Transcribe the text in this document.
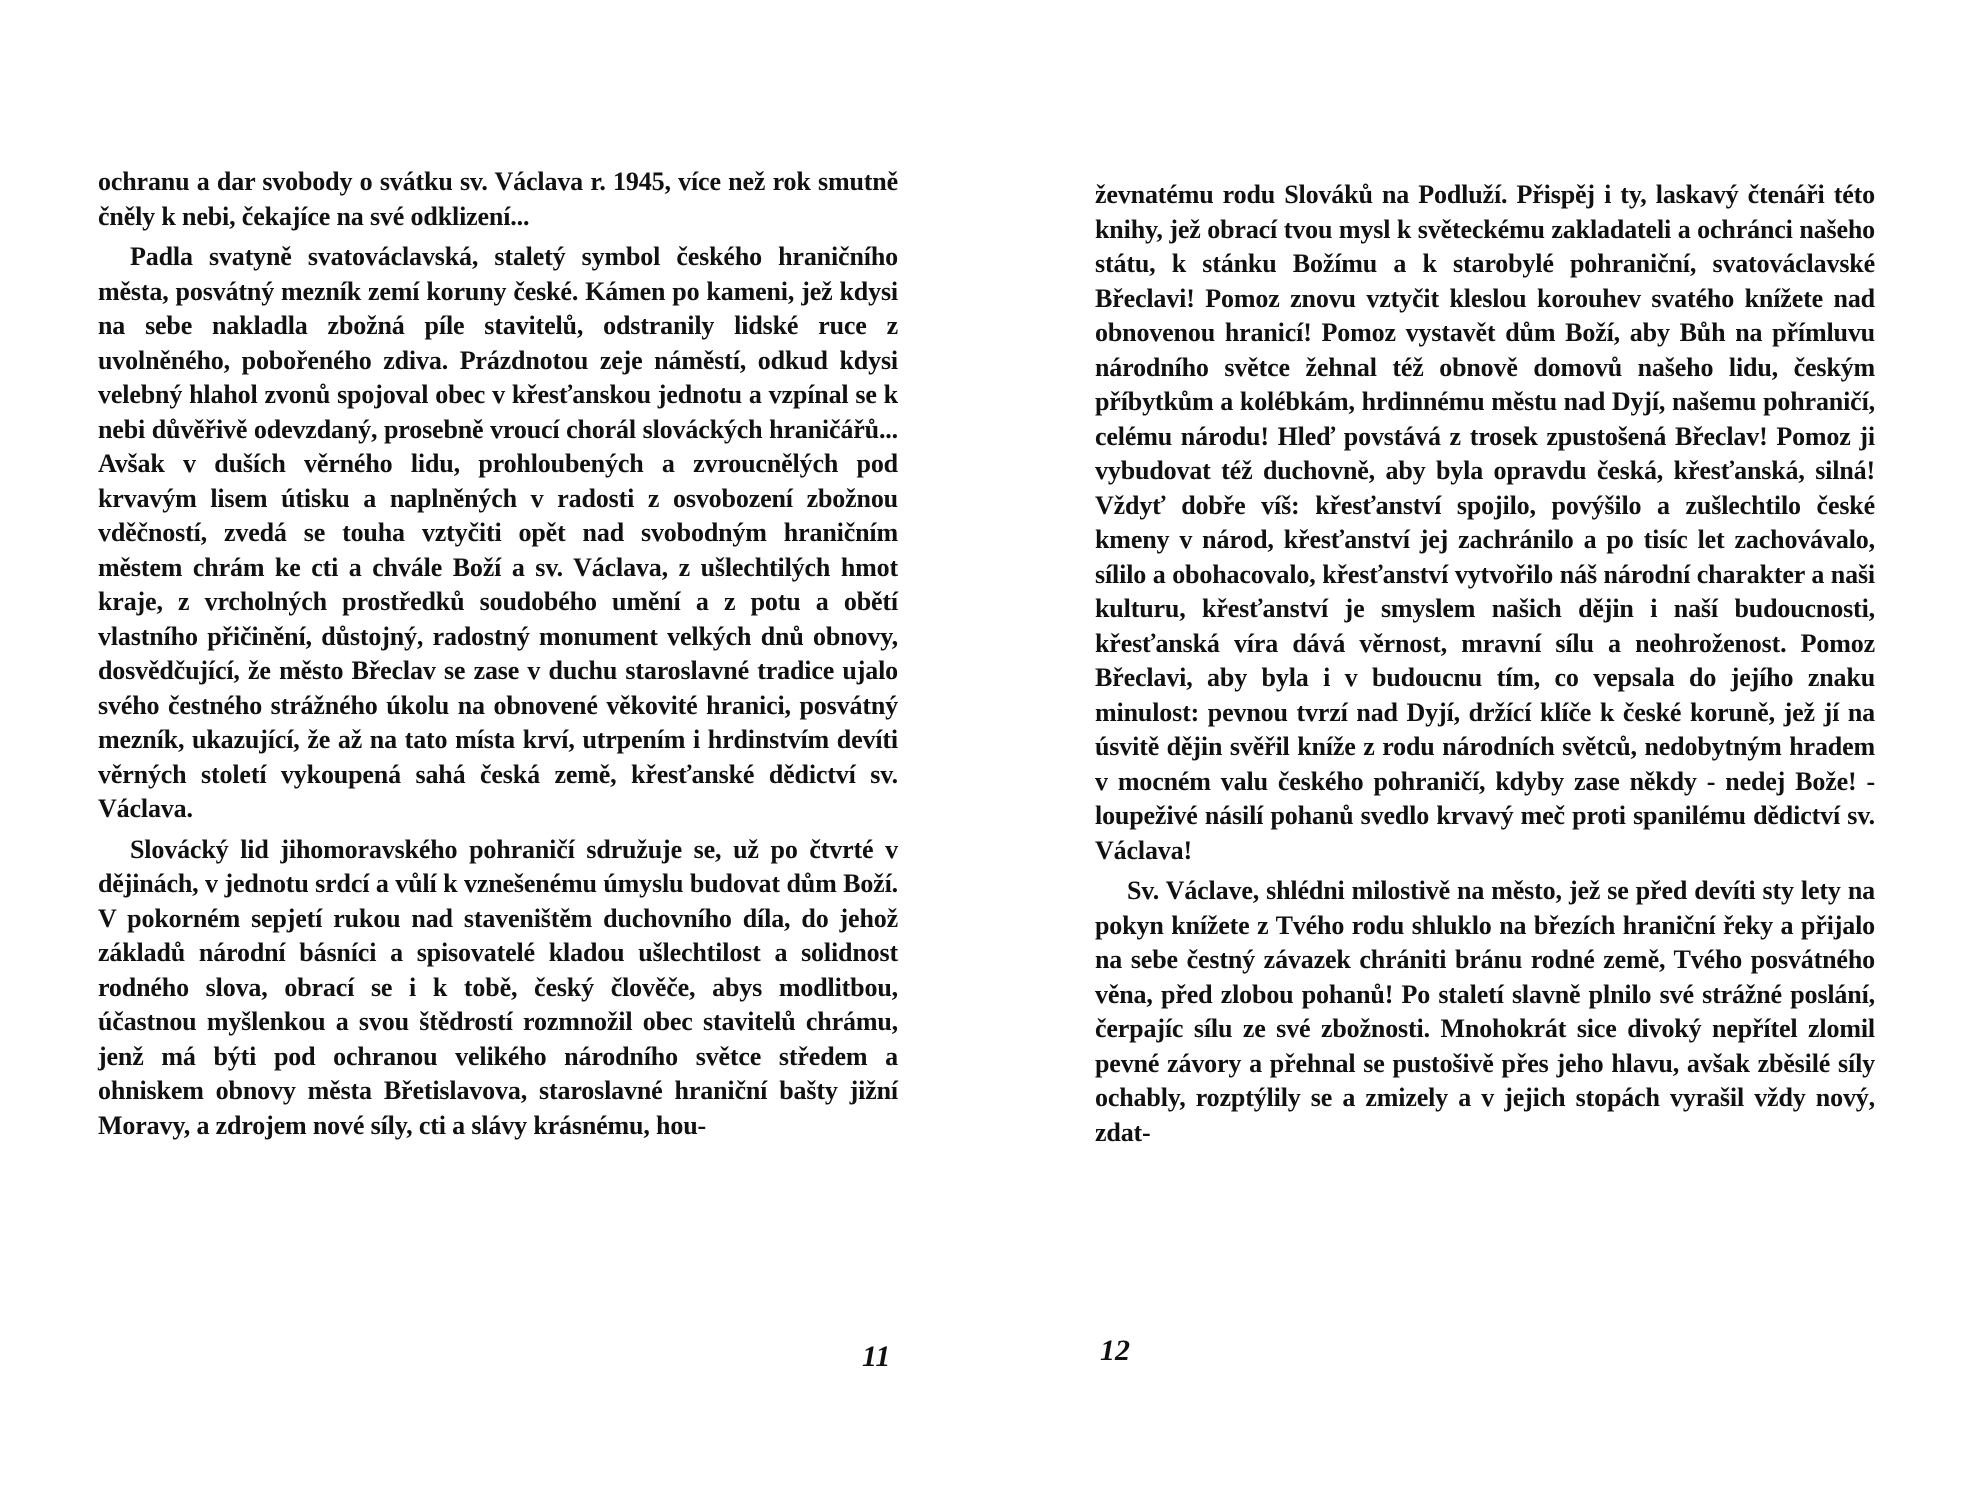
ochranu a dar svobody o svátku sv. Václava r. 1945, více než rok smutně čněly k nebi, čekajíce na své odklizení...

Padla svatyně svatováclavská, staletý symbol českého hraničního města, posvátný mezník zemí koruny české. Kámen po kameni, jež kdysi na sebe nakladla zbožná píle stavitelů, odstranily lidské ruce z uvolněného, pobořeného zdiva. Prázdnotou zeje náměstí, odkud kdysi velebný hlahol zvonů spojoval obec v křesťanskou jednotu a vzpínal se k nebi důvěřivě odevzdaný, prosebně vroucí chorál slováckých hraničářů... Avšak v duších věrného lidu, prohloubených a zvroucnělých pod krvavým lisem útisku a naplněných v radosti z osvobození zbožnou vděčností, zvedá se touha vztyčiti opět nad svobodným hraničním městem chrám ke cti a chvále Boží a sv. Václava, z ušlechtilých hmot kraje, z vrcholných prostředků soudobého umění a z potu a obětí vlastního přičinění, důstojný, radostný monument velkých dnů obnovy, dosvědčující, že město Břeclav se zase v duchu staroslavné tradice ujalo svého čestného strážného úkolu na obnovené věkovité hranici, posvátný mezník, ukazující, že až na tato místa krví, utrpením i hrdinstvím devíti věrných století vykoupená sahá česká země, křesťanské dědictví sv. Václava.

Slovácký lid jihomoravského pohraničí sdružuje se, už po čtvrté v dějinách, v jednotu srdcí a vůlí k vznešenému úmyslu budovat dům Boží. V pokorném sepjetí rukou nad staveništěm duchovního díla, do jehož základů národní básníci a spisovatelé kladou ušlechtilost a solidnost rodného slova, obrací se i k tobě, český člověče, abys modlitbou, účastnou myšlenkou a svou štědrostí rozmnožil obec stavitelů chrámu, jenž má býti pod ochranou velikého národního světce středem a ohniskem obnovy města Břetislavova, staroslavné hraniční bašty jižní Moravy, a zdrojem nové síly, cti a slávy krásnému, hou-

11

ževnatému rodu Slováků na Podluží. Přispěj i ty, laskavý čtenáři této knihy, jež obrací tvou mysl k světeckému zakladateli a ochránci našeho státu, k stánku Božímu a k starobylé pohraniční, svatováclavské Břeclavi! Pomoz znovu vztyčit kleslou korouhev svatého knížete nad obnovenou hranicí! Pomoz vystavět dům Boží, aby Bůh na přímluvu národního světce žehnal též obnově domovů našeho lidu, českým příbytkům a kolébkám, hrdinnému městu nad Dyjí, našemu pohraničí, celému národu! Hleď povstává z trosek zpustošená Břeclav! Pomoz ji vybudovat též duchovně, aby byla opravdu česká, křesťanská, silná! Vždyť dobře víš: křesťanství spojilo, povýšilo a zušlechtilo české kmeny v národ, křesťanství jej zachránilo a po tisíc let zachovávalo, sílilo a obohacovalo, křesťanství vytvořilo náš národní charakter a naši kulturu, křesťanství je smyslem našich dějin i naší budoucnosti, křesťanská víra dává věrnost, mravní sílu a neohroženost. Pomoz Břeclavi, aby byla i v budoucnu tím, co vepsala do jejího znaku minulost: pevnou tvrzí nad Dyjí, držící klíče k české koruně, jež jí na úsvitě dějin svěřil kníže z rodu národních světců, nedobytným hradem v mocném valu českého pohraničí, kdyby zase někdy - nedej Bože! - loupeživé násilí pohanů svedlo krvavý meč proti spanilému dědictví sv. Václava!

Sv. Václave, shlédni milostivě na město, jež se před devíti sty lety na pokyn knížete z Tvého rodu shluklo na březích hraniční řeky a přijalo na sebe čestný závazek chrániti bránu rodné země, Tvého posvátného věna, před zlobou pohanů! Po staletí slavně plnilo své strážné poslání, čerpajíc sílu ze své zbožnosti. Mnohokrát sice divoký nepřítel zlomil pevné závory a přehnal se pustošivě přes jeho hlavu, avšak zběsilé síly ochably, rozptýlily se a zmizely a v jejich stopách vyrašil vždy nový, zdat-

12
